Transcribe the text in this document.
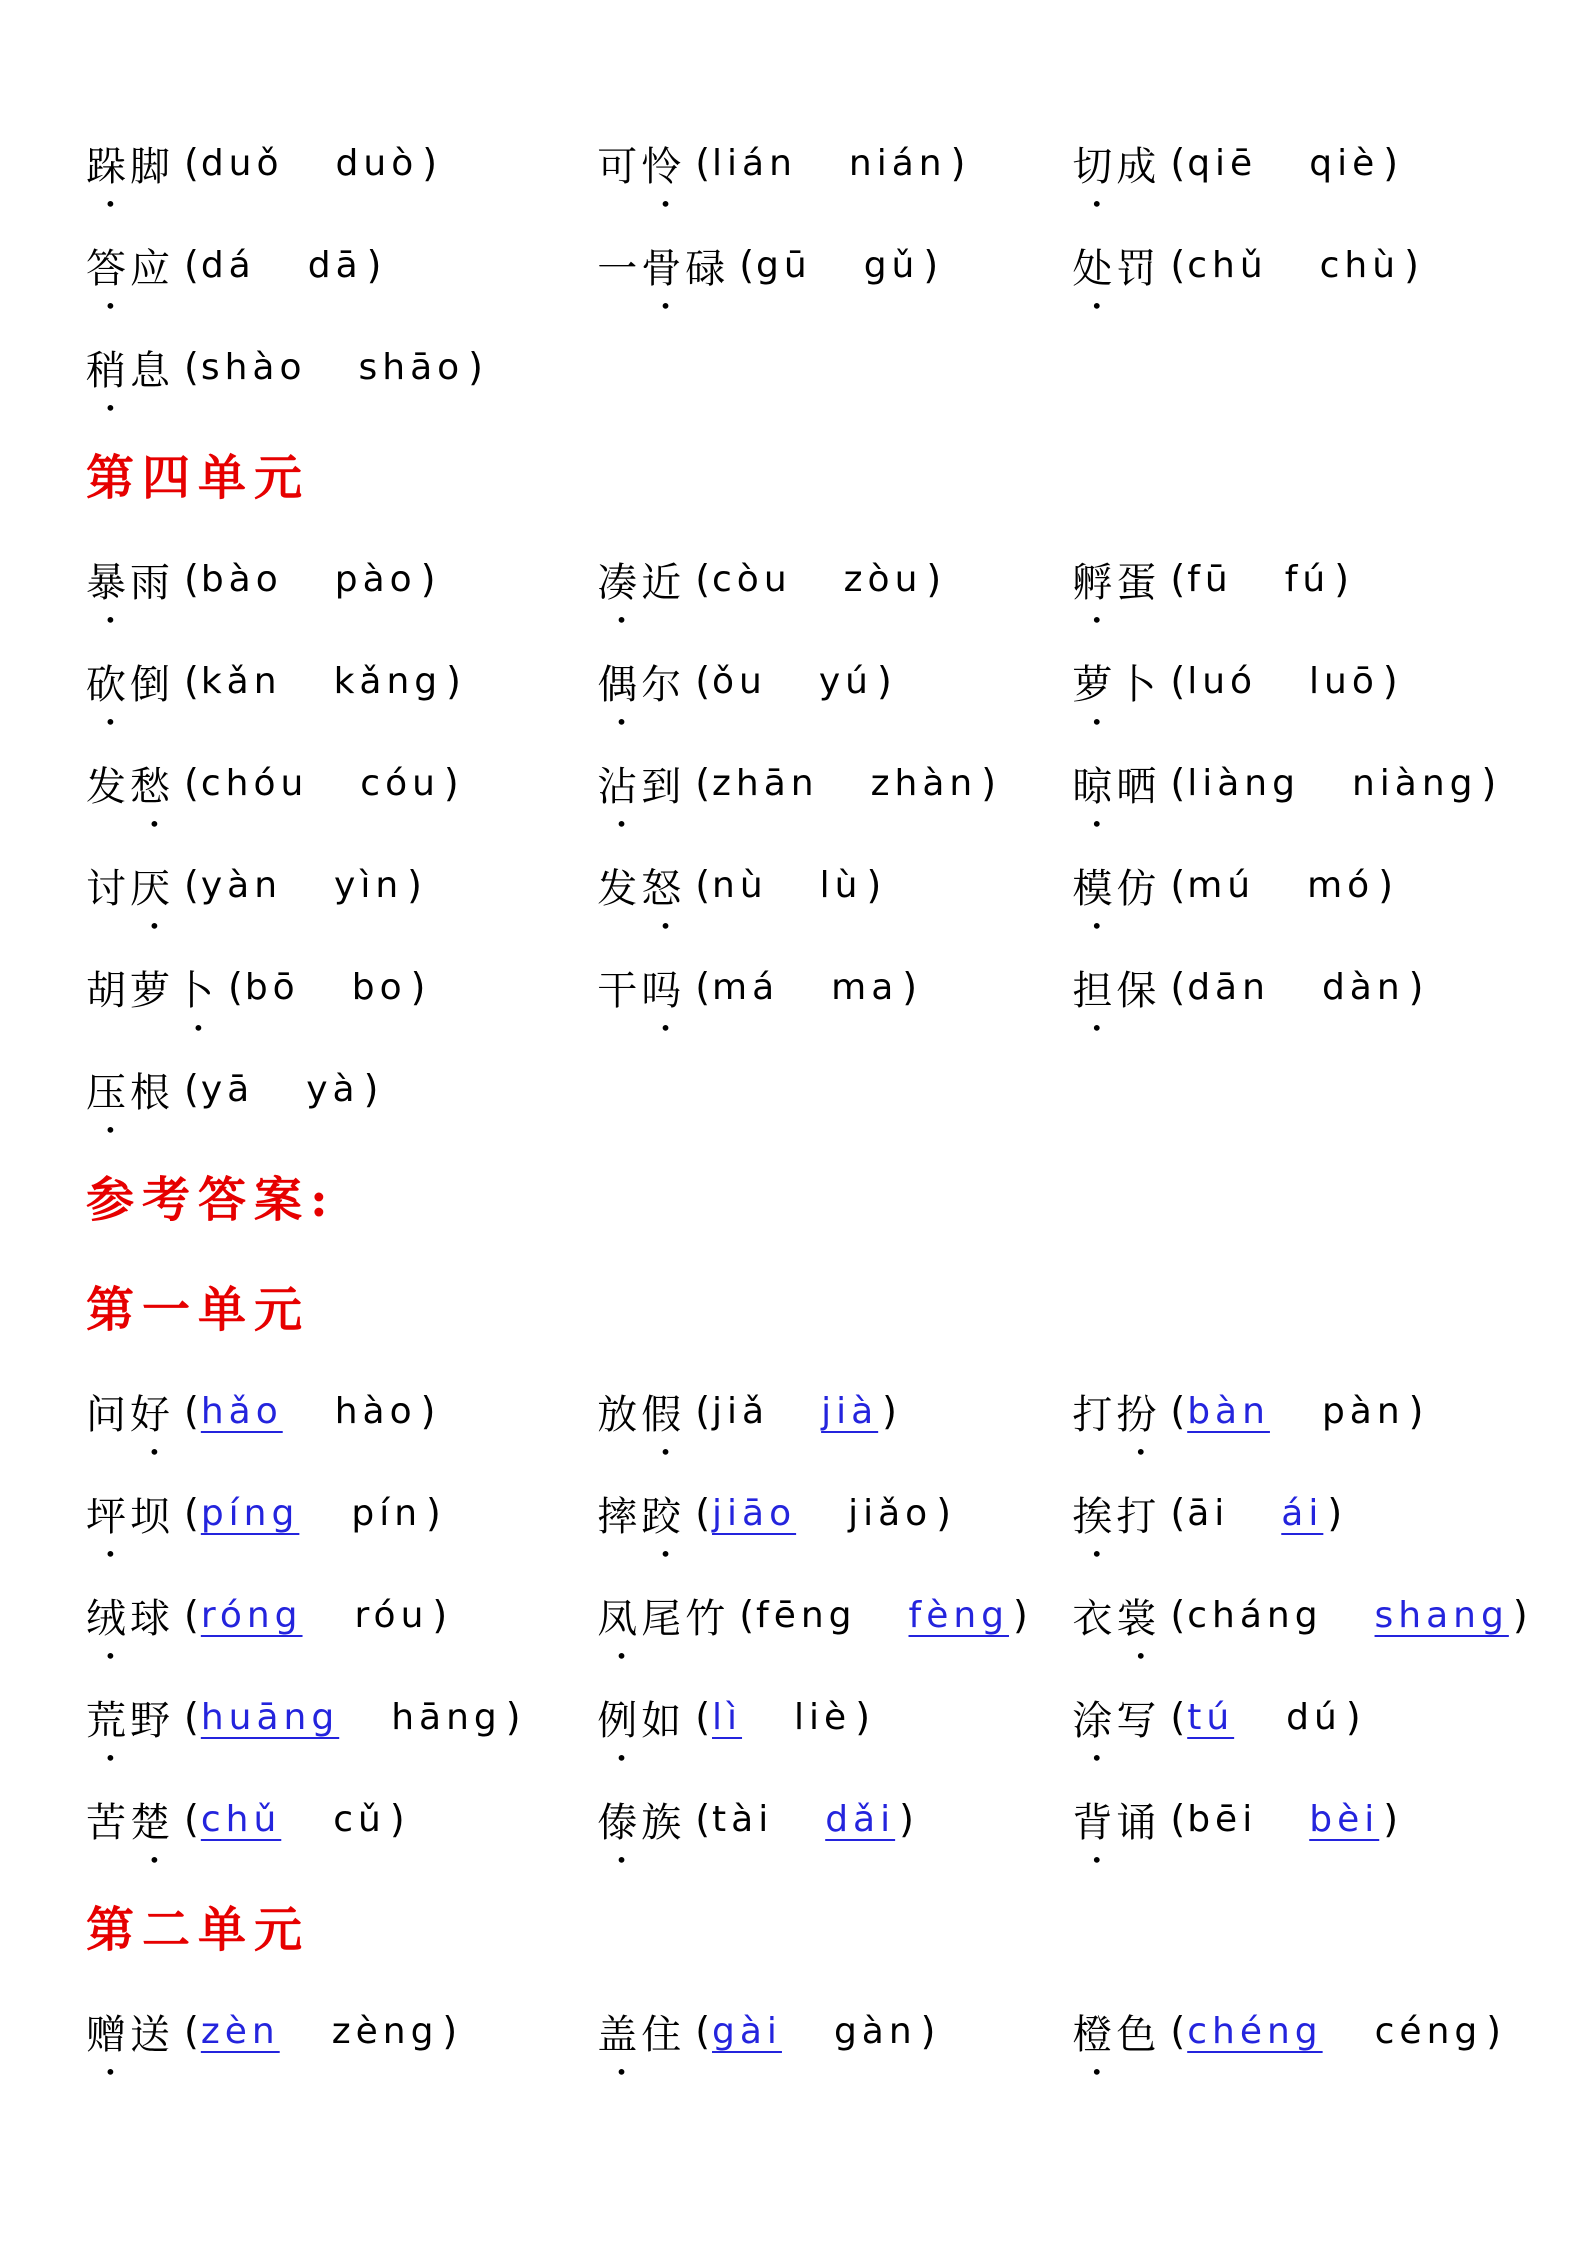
跺 • 脚 ( duǒ duò )	可 怜 • ( lián nián )	切 • 成 ( qiē qiè )
答 • 应 ( dá dā )	一 骨 • 碌 ( gū gǔ )	处 • 罚 ( chǔ chù )
稍 • 息 ( shào shāo )
第四单元
暴 • 雨 ( bào pào )	凑 • 近 ( còu zòu )	孵 • 蛋 ( fū fú )
砍 • 倒 ( kǎn kǎng )	偶 • 尔 ( ǒu yú )	萝 • 卜 ( luó luō )
发 愁 • ( chóu cóu )	沾 • 到 ( zhān zhàn ) 晾 • 晒 ( liàng niàng )
讨 厌 • ( yàn yìn )	发 怒 • ( nù lù )	模 • 仿 ( mú mó )
胡 萝 卜 • ( bō bo )	干 吗 • ( má ma )	担 • 保 ( dān dàn )
压 • 根 ( yā yà )
参考答案:
第一单元
问 好 • ( hǎo hào )	放 假 • ( jiǎ jià )	打 扮 • ( bàn pàn )
坪 • 坝 ( píng pín )	摔 跤 • ( jiāo jiǎo )	挨 • 打 ( āi ái )
绒 • 球 ( róng róu )	凤 • 尾 竹 ( fēng fèng ) 衣 裳 • ( cháng shang )
荒 • 野 ( huāng hāng ) 例 • 如 ( lì liè )	涂 • 写 ( tú dú )
苦 楚 • ( chǔ cǔ )	傣 • 族 ( tài dǎi )	背 • 诵 ( bēi bèi )
第二单元
赠 • 送 ( zèn zèng )	盖 • 住 ( gài gàn )	橙 • 色 ( chéng céng )
